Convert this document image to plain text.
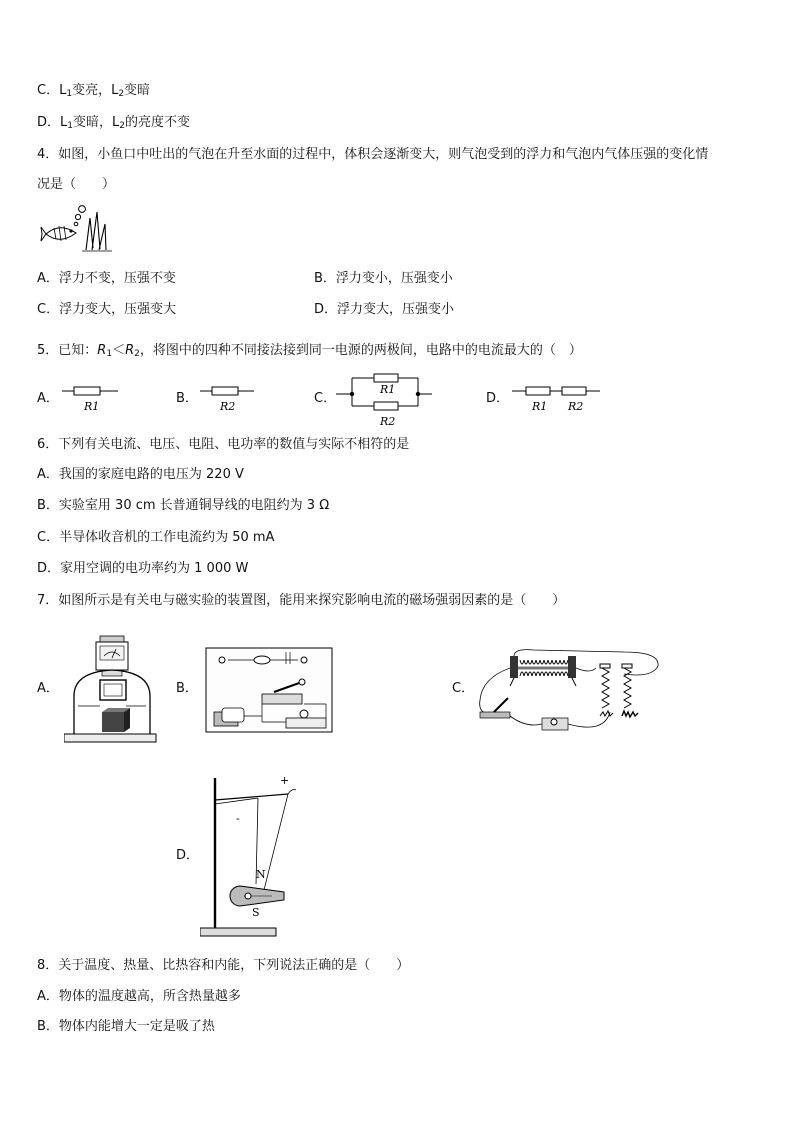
C．$L_1$变亮，$L_2$变暗
D．$L_1$变暗，$L_2$的亮度不变
4．如图，小鱼口中吐出的气泡在升至水面的过程中，体积会逐渐变大，则气泡受到的浮力和气泡内气体压强的变化情
况是（　　）
A．浮力不变，压强不变	B．浮力变小，压强变小
C．浮力变大，压强变大	D．浮力变大，压强变小
5．已知：$R_1<R_2$，将图中的四种不同接法接到同一电源的两极间，电路中的电流最大的（　）
A．
R1
B．
R2
C．
R1
R2
D．
R1 R2
6．下列有关电流、电压、电阻、电功率的数值与实际不相符的是
A．我国的家庭电路的电压为 220 V
B．实验室用 30 cm 长普通铜导线的电阻约为 3 Ω
C．半导体收音机的工作电流约为 50 mA
D．家用空调的电功率约为 1 000 W
7．如图所示是有关电与磁实验的装置图，能用来探究影响电流的磁场强弱因素的是（　　）
A．	B．	C．
D．
+
-
N
S
8．关于温度、热量、比热容和内能，下列说法正确的是（　　）
A．物体的温度越高，所含热量越多
B．物体内能增大一定是吸了热
